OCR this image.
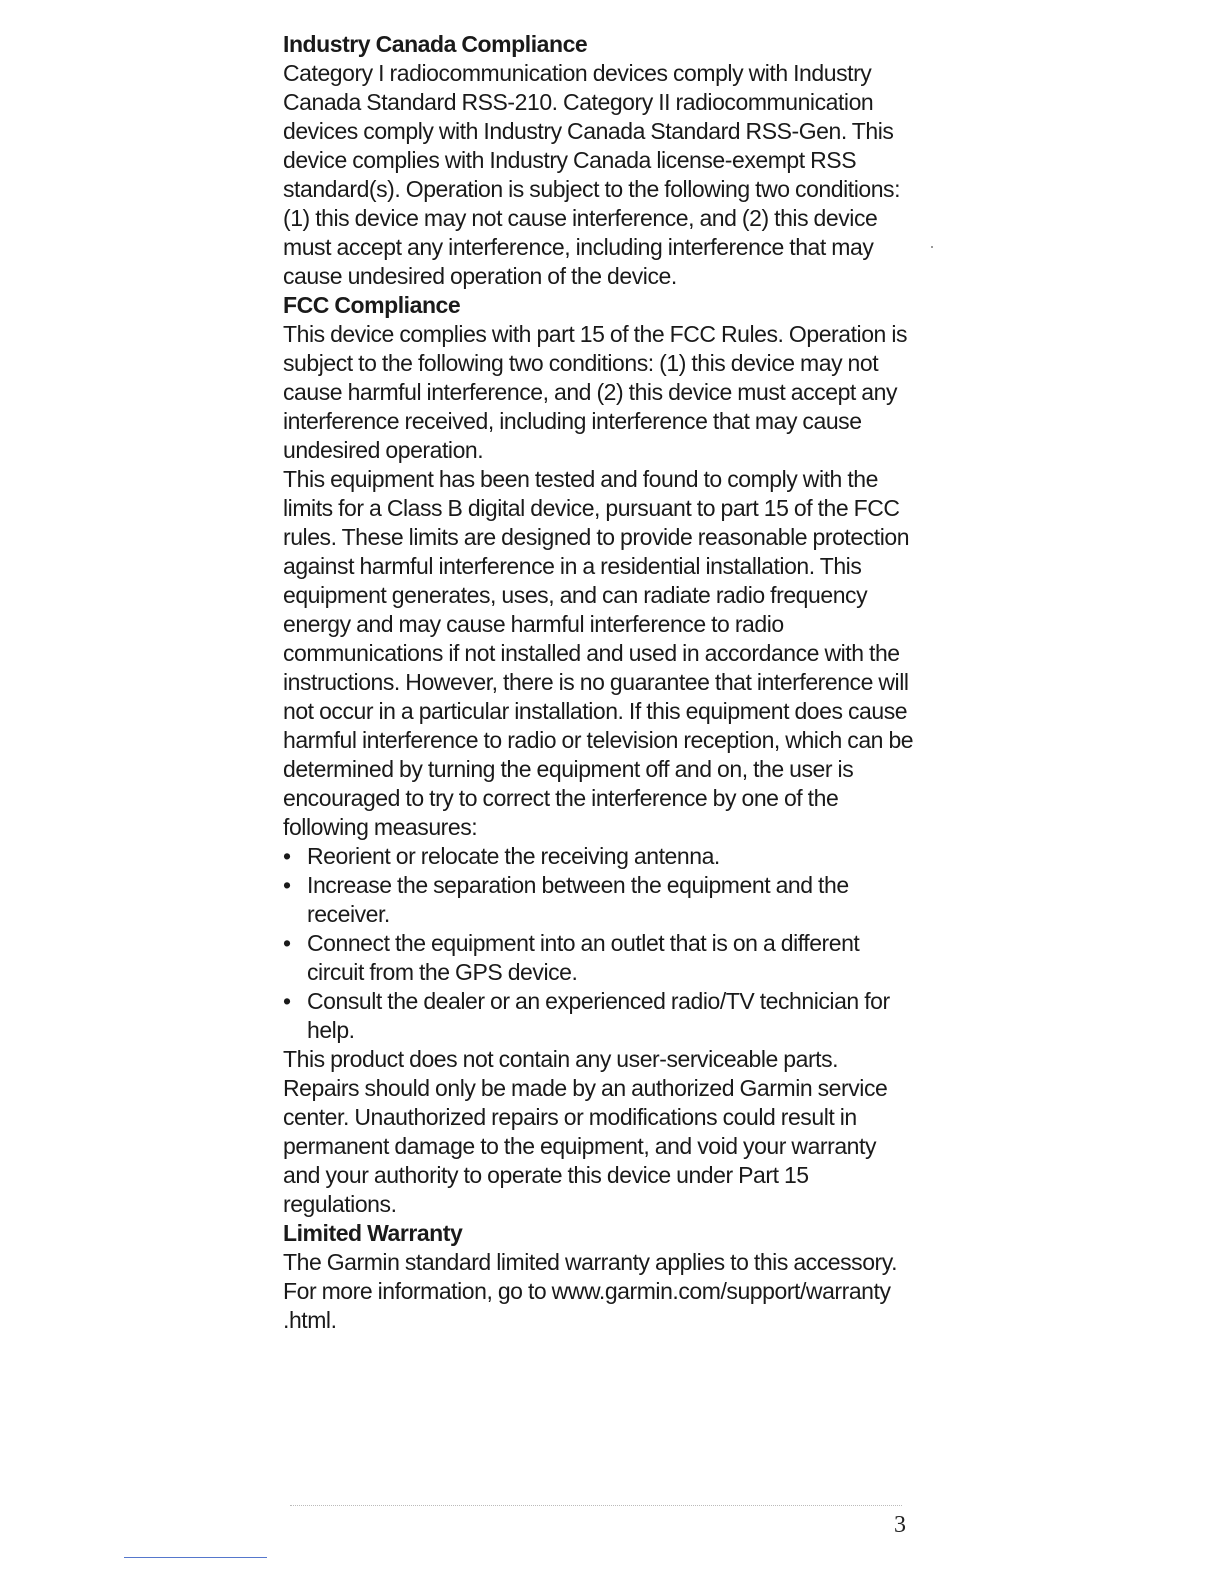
Industry Canada Compliance

Category I radiocommunication devices comply with Industry Canada Standard RSS-210. Category II radiocommunication devices comply with Industry Canada Standard RSS-Gen. This device complies with Industry Canada license-exempt RSS standard(s). Operation is subject to the following two conditions: (1) this device may not cause interference, and (2) this device must accept any interference, including interference that may cause undesired operation of the device.

FCC Compliance

This device complies with part 15 of the FCC Rules. Operation is subject to the following two conditions: (1) this device may not cause harmful interference, and (2) this device must accept any interference received, including interference that may cause undesired operation.

This equipment has been tested and found to comply with the limits for a Class B digital device, pursuant to part 15 of the FCC rules. These limits are designed to provide reasonable protection against harmful interference in a residential installation. This equipment generates, uses, and can radiate radio frequency energy and may cause harmful interference to radio communications if not installed and used in accordance with the instructions. However, there is no guarantee that interference will not occur in a particular installation. If this equipment does cause harmful interference to radio or television reception, which can be determined by turning the equipment off and on, the user is encouraged to try to correct the interference by one of the following measures:

• Reorient or relocate the receiving antenna.
• Increase the separation between the equipment and the receiver.
• Connect the equipment into an outlet that is on a different circuit from the GPS device.
• Consult the dealer or an experienced radio/TV technician for help.

This product does not contain any user-serviceable parts. Repairs should only be made by an authorized Garmin service center. Unauthorized repairs or modifications could result in permanent damage to the equipment, and void your warranty and your authority to operate this device under Part 15 regulations.

Limited Warranty

The Garmin standard limited warranty applies to this accessory. For more information, go to www.garmin.com/support/warranty .html.

3
